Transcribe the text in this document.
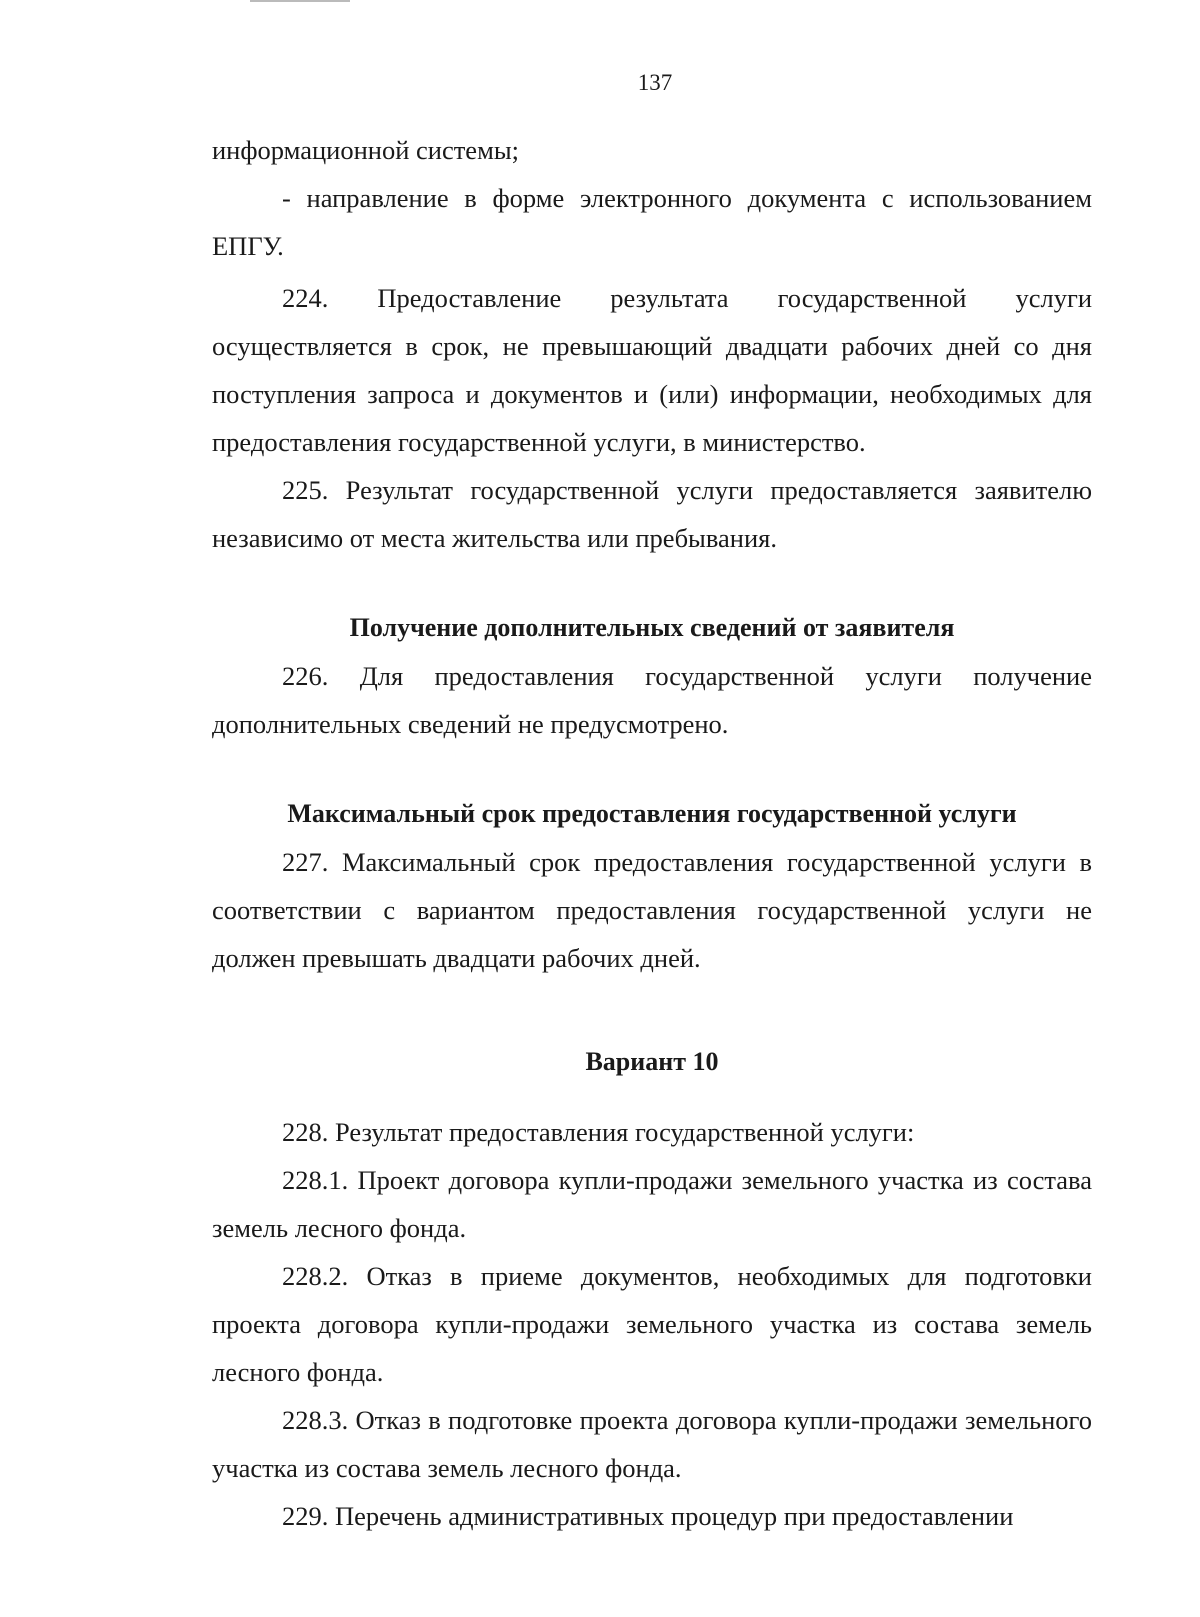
137

информационной системы;

- направление в форме электронного документа с использованием ЕПГУ.

224. Предоставление результата государственной услуги осуществляется в срок, не превышающий двадцати рабочих дней со дня поступления запроса и документов и (или) информации, необходимых для предоставления государственной услуги, в министерство.

225. Результат государственной услуги предоставляется заявителю независимо от места жительства или пребывания.

Получение дополнительных сведений от заявителя

226. Для предоставления государственной услуги получение дополнительных сведений не предусмотрено.

Максимальный срок предоставления государственной услуги

227. Максимальный срок предоставления государственной услуги в соответствии с вариантом предоставления государственной услуги не должен превышать двадцати рабочих дней.

Вариант 10

228. Результат предоставления государственной услуги:

228.1. Проект договора купли-продажи земельного участка из состава земель лесного фонда.

228.2. Отказ в приеме документов, необходимых для подготовки проекта договора купли-продажи земельного участка из состава земель лесного фонда.

228.3. Отказ в подготовке проекта договора купли-продажи земельного участка из состава земель лесного фонда.

229. Перечень административных процедур при предоставлении
